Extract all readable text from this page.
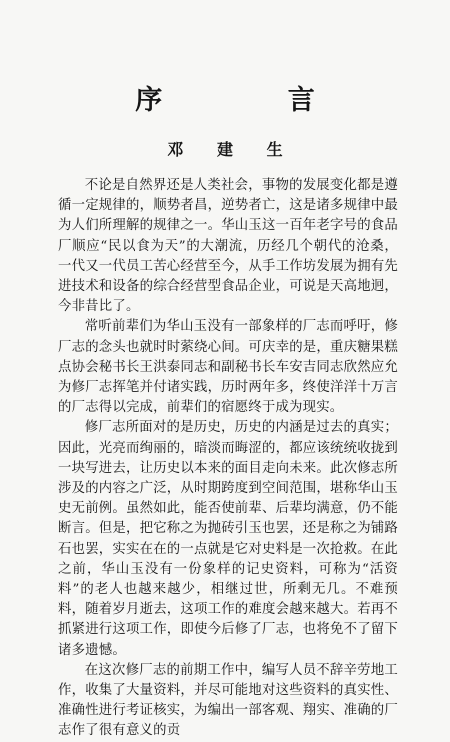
序 言
邓 建 生

不论是自然界还是人类社会，事物的发展变化都是遵循一定规律的，顺势者昌，逆势者亡，这是诸多规律中最为人们所理解的规律之一。华山玉这一百年老字号的食品厂顺应“民以食为天”的大潮流，历经几个朝代的沧桑，一代又一代员工苦心经营至今，从手工作坊发展为拥有先进技术和设备的综合经营型食品企业，可说是天高地迥，今非昔比了。

常听前辈们为华山玉没有一部象样的厂志而呼吁，修厂志的念头也就时时萦绕心间。可庆幸的是，重庆糖果糕点协会秘书长王洪泰同志和副秘书长车安吉同志欣然应允为修厂志挥笔并付诸实践，历时两年多，终使洋洋十万言的厂志得以完成，前辈们的宿愿终于成为现实。

修厂志所面对的是历史，历史的内涵是过去的真实；因此，光亮而绚丽的，暗淡而晦涩的，都应该统统收拢到一块写进去，让历史以本来的面目走向未来。此次修志所涉及的内容之广泛，从时期跨度到空间范围，堪称华山玉史无前例。虽然如此，能否使前辈、后辈均满意，仍不能断言。但是，把它称之为抛砖引玉也罢，还是称之为铺路石也罢，实实在在的一点就是它对史料是一次抢救。在此之前，华山玉没有一份象样的记史资料，可称为“活资料”的老人也越来越少，相继过世，所剩无几。不难预料，随着岁月逝去，这项工作的难度会越来越大。若再不抓紧进行这项工作，即使今后修了厂志，也将免不了留下诸多遗憾。

在这次修厂志的前期工作中，编写人员不辞辛劳地工作，收集了大量资料，并尽可能地对这些资料的真实性、准确性进行考证核实，为编出一部客观、翔实、准确的厂志作了很有意义的贡
